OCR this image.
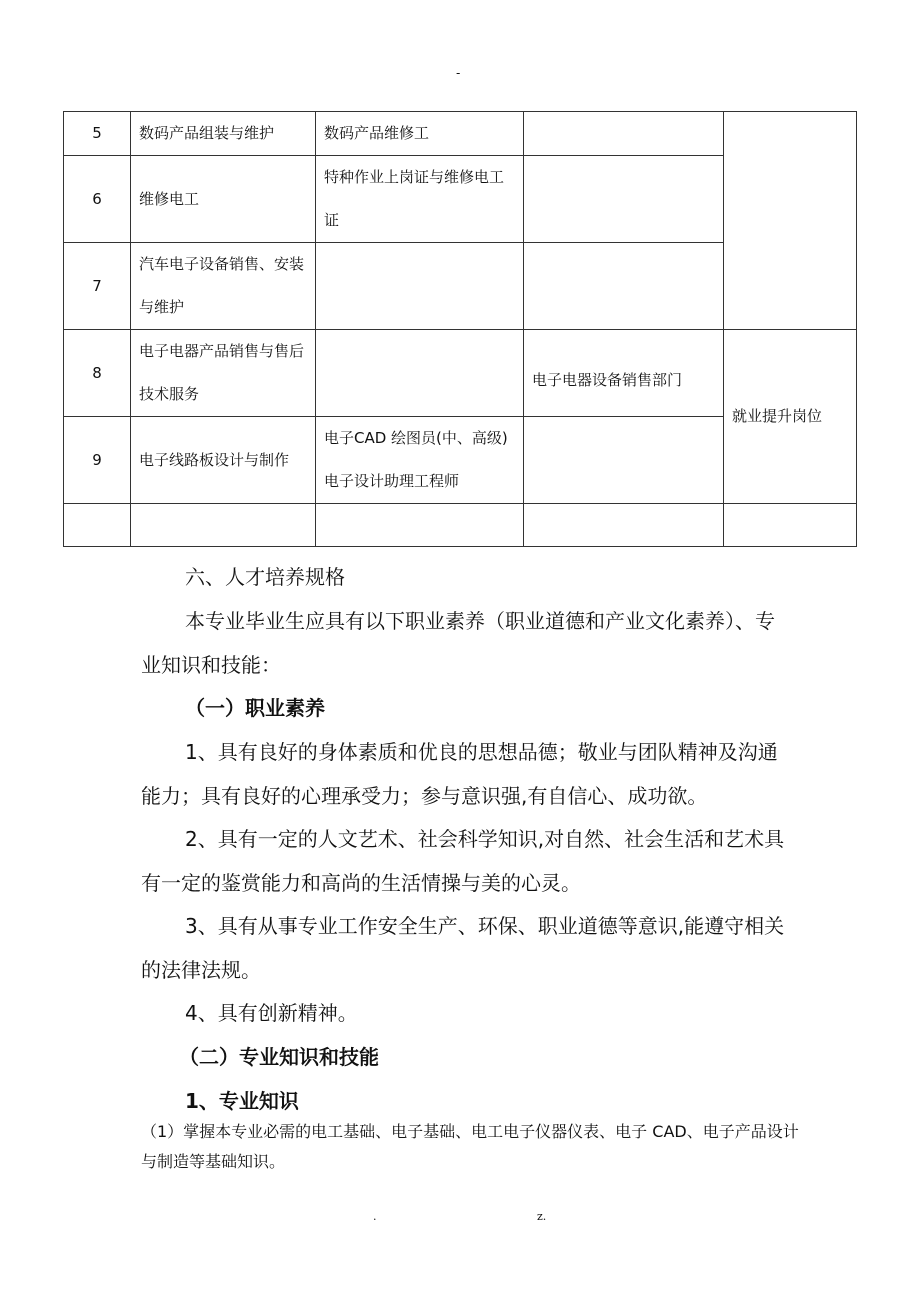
-
5	数码产品组装与维护	数码产品维修工		
6	维修电工	特种作业上岗证与维修电工证		
7	汽车电子设备销售、安装与维护			
8	电子电器产品销售与售后技术服务		电子电器设备销售部门	就业提升岗位
9	电子线路板设计与制作	电子CAD 绘图员(中、高级) 电子设计助理工程师		

六、人才培养规格
本专业毕业生应具有以下职业素养（职业道德和产业文化素养）、专业知识和技能：
（一）职业素养
1、具有良好的身体素质和优良的思想品德；敬业与团队精神及沟通能力；具有良好的心理承受力；参与意识强,有自信心、成功欲。
2、具有一定的人文艺术、社会科学知识,对自然、社会生活和艺术具有一定的鉴赏能力和高尚的生活情操与美的心灵。
3、具有从事专业工作安全生产、环保、职业道德等意识,能遵守相关的法律法规。
4、具有创新精神。
（二）专业知识和技能
1、专业知识
（1）掌握本专业必需的电工基础、电子基础、电工电子仪器仪表、电子 CAD、电子产品设计与制造等基础知识。
.	z.
